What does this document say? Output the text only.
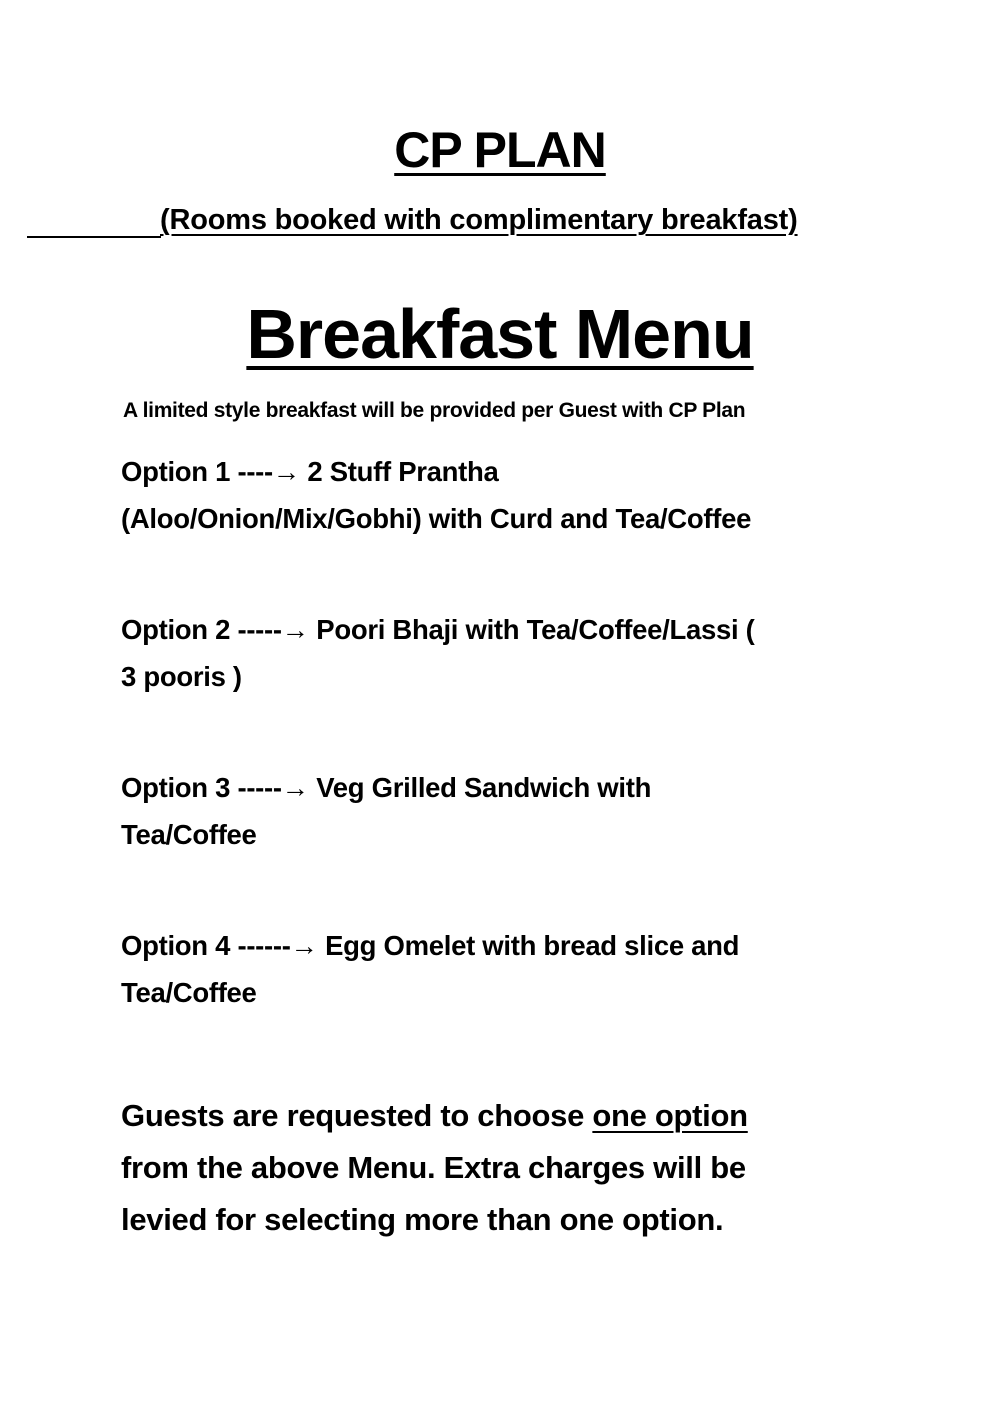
CP PLAN
(Rooms booked with complimentary breakfast)
Breakfast Menu
A limited style breakfast will be provided per Guest with CP Plan
Option 1 ----→ 2 Stuff Prantha
(Aloo/Onion/Mix/Gobhi) with Curd and Tea/Coffee
Option 2 -----→ Poori Bhaji with Tea/Coffee/Lassi (
3 pooris )
Option 3 -----→ Veg Grilled Sandwich with
Tea/Coffee
Option 4 ------→ Egg Omelet with bread slice and
Tea/Coffee
Guests are requested to choose one option
from the above Menu. Extra charges will be
levied for selecting more than one option.
